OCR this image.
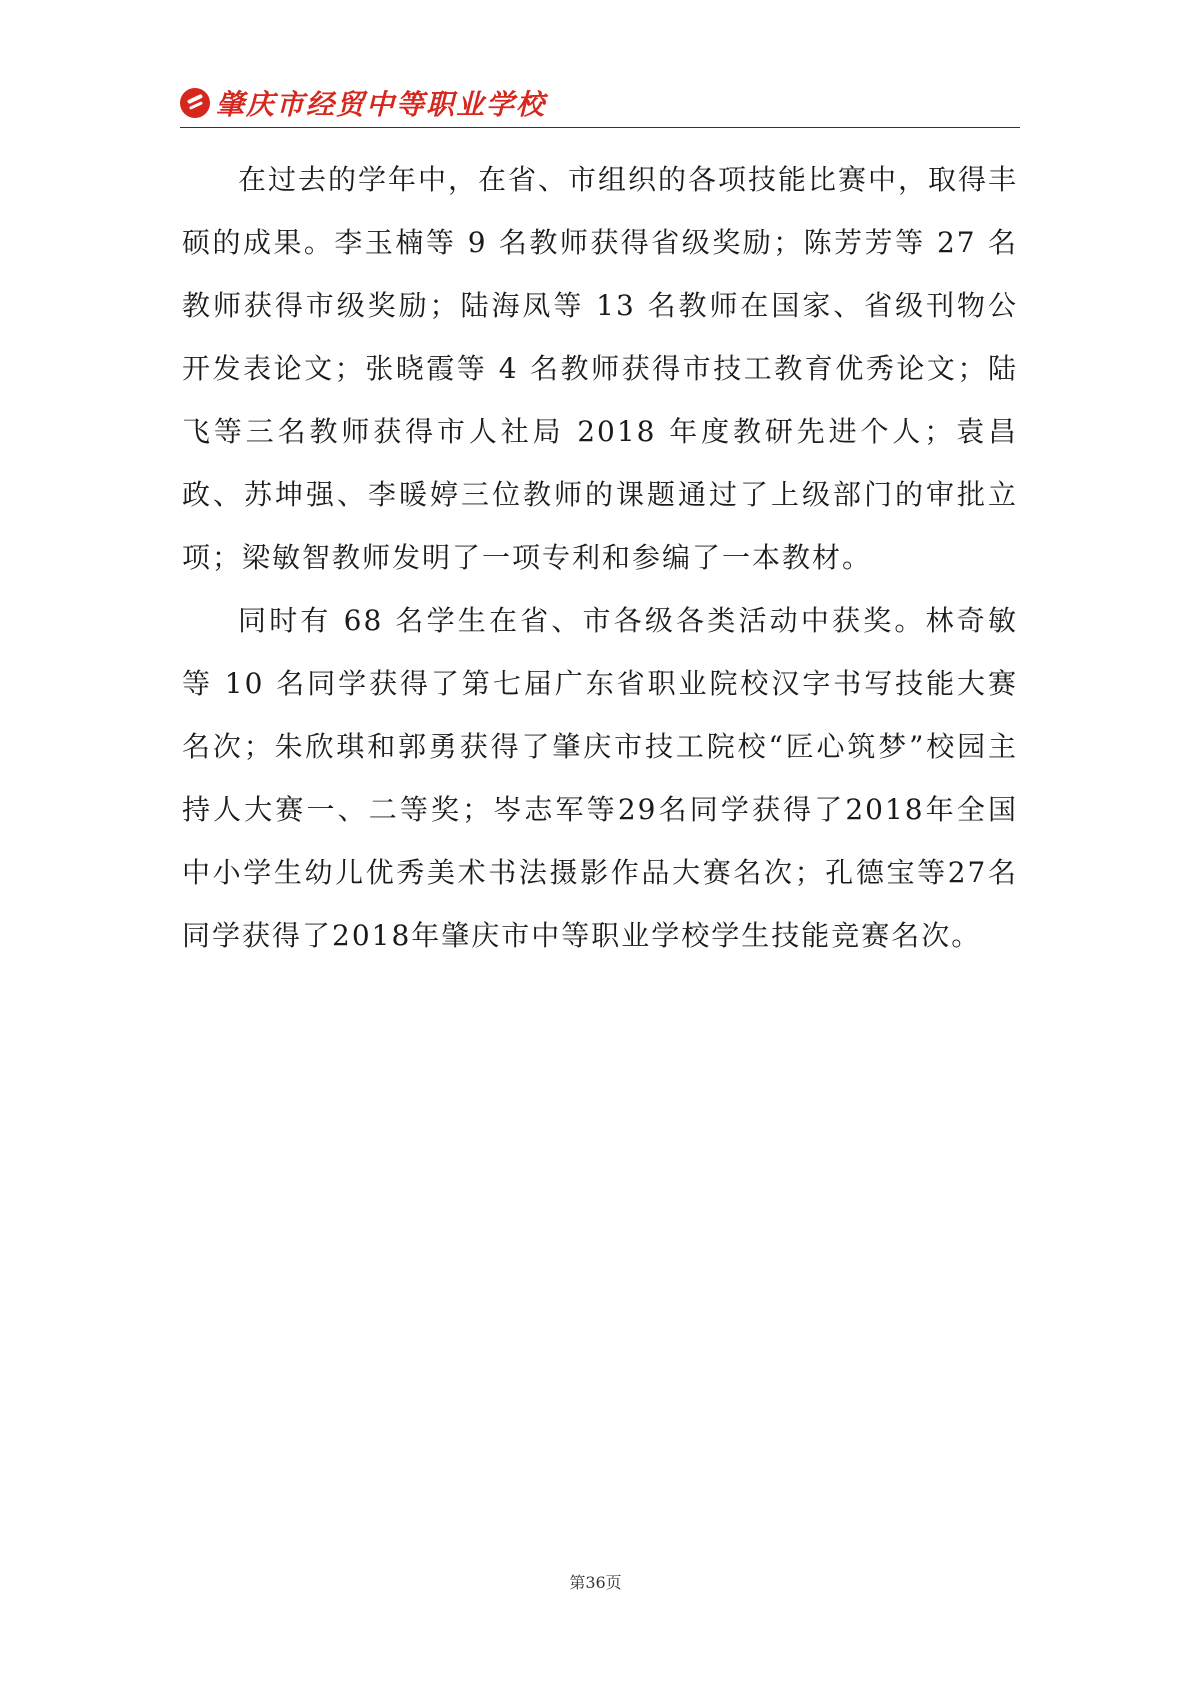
肇庆市经贸中等职业学校

在过去的学年中，在省、市组织的各项技能比赛中，取得丰硕的成果。李玉楠等 9 名教师获得省级奖励；陈芳芳等 27 名教师获得市级奖励；陆海凤等 13 名教师在国家、省级刊物公开发表论文；张晓霞等 4 名教师获得市技工教育优秀论文；陆飞等三名教师获得市人社局 2018 年度教研先进个人；袁昌政、苏坤强、李暖婷三位教师的课题通过了上级部门的审批立项；梁敏智教师发明了一项专利和参编了一本教材。

同时有 68 名学生在省、市各级各类活动中获奖。林奇敏等 10 名同学获得了第七届广东省职业院校汉字书写技能大赛名次；朱欣琪和郭勇获得了肇庆市技工院校“匠心筑梦”校园主持人大赛一、二等奖；岑志军等29名同学获得了2018年全国中小学生幼儿优秀美术书法摄影作品大赛名次；孔德宝等27名同学获得了2018年肇庆市中等职业学校学生技能竞赛名次。

第36页
